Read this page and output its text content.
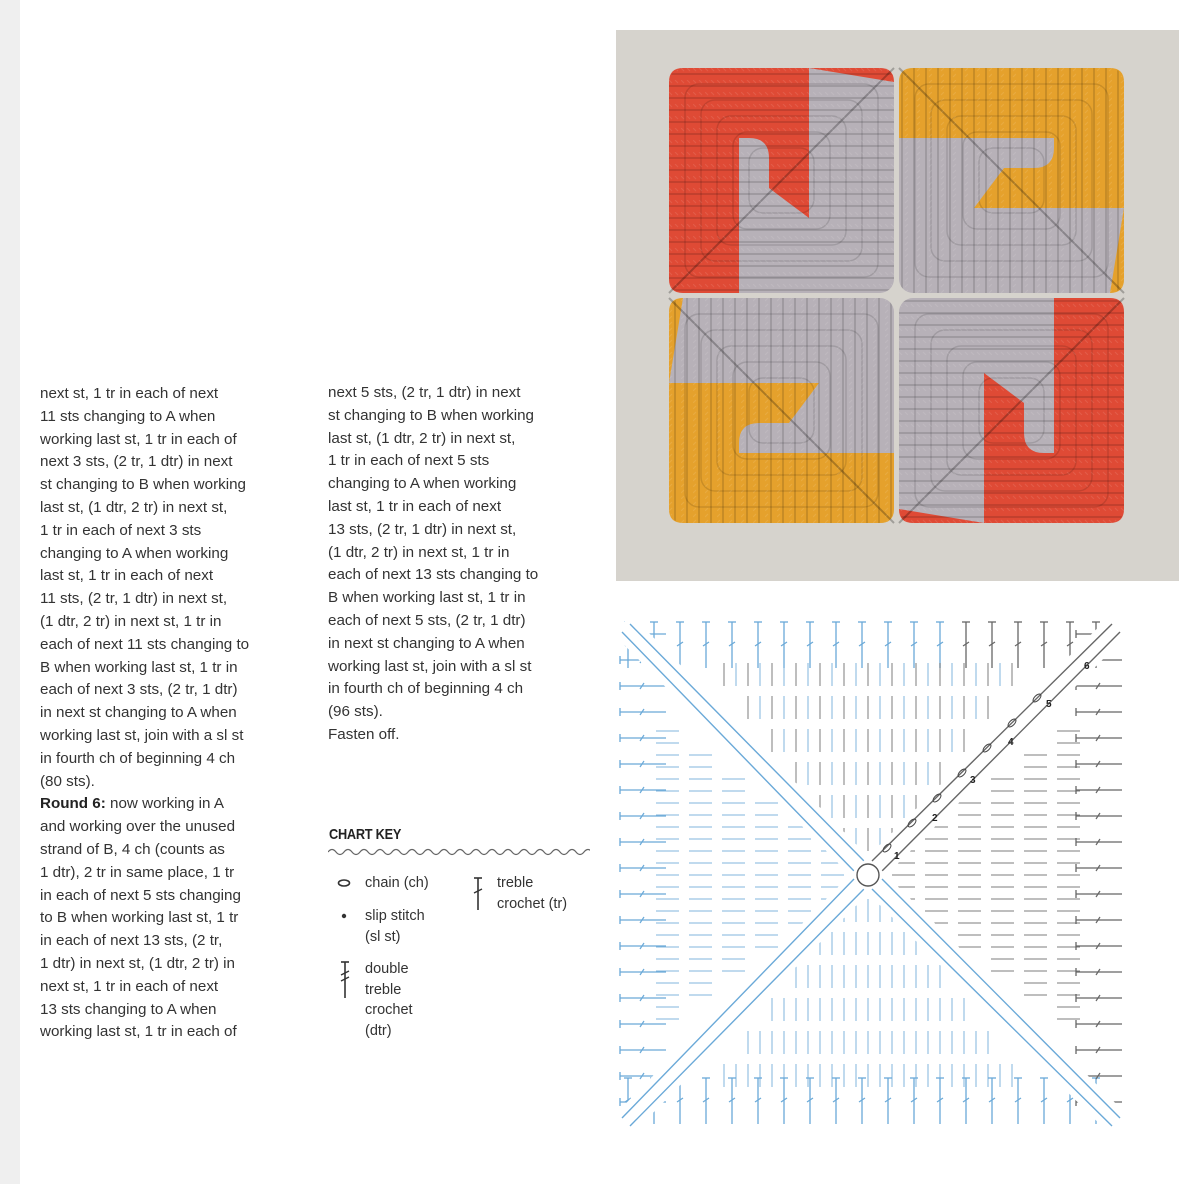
next st, 1 tr in each of next

11 sts changing to A when

working last st, 1 tr in each of

next 3 sts, (2 tr, 1 dtr) in next

st changing to B when working

last st, (1 dtr, 2 tr) in next st,

1 tr in each of next 3 sts

changing to A when working

last st, 1 tr in each of next

11 sts, (2 tr, 1 dtr) in next st,

(1 dtr, 2 tr) in next st, 1 tr in

each of next 11 sts changing to

B when working last st, 1 tr in

each of next 3 sts, (2 tr, 1 dtr)

in next st changing to A when

working last st, join with a sl st

in fourth ch of beginning 4 ch

(80 sts).

Round 6: now working in A

and working over the unused

strand of B, 4 ch (counts as

1 dtr), 2 tr in same place, 1 tr

in each of next 5 sts changing

to B when working last st, 1 tr

in each of next 13 sts, (2 tr,

1 dtr) in next st, (1 dtr, 2 tr) in

next st, 1 tr in each of next

13 sts changing to A when

working last st, 1 tr in each of

next 5 sts, (2 tr, 1 dtr) in next

st changing to B when working

last st, (1 dtr, 2 tr) in next st,

1 tr in each of next 5 sts

changing to A when working

last st, 1 tr in each of next

13 sts, (2 tr, 1 dtr) in next st,

(1 dtr, 2 tr) in next st, 1 tr in

each of next 13 sts changing to

B when working last st, 1 tr in

each of next 5 sts, (2 tr, 1 dtr)

in next st changing to A when

working last st, join with a sl st

in fourth ch of beginning 4 ch

(96 sts).

Fasten off.

CHART KEY
chain (ch)
slip stitch
(sl st)
double
treble
crochet
(dtr)
treble
crochet (tr)
1
2
3
4
5
6
